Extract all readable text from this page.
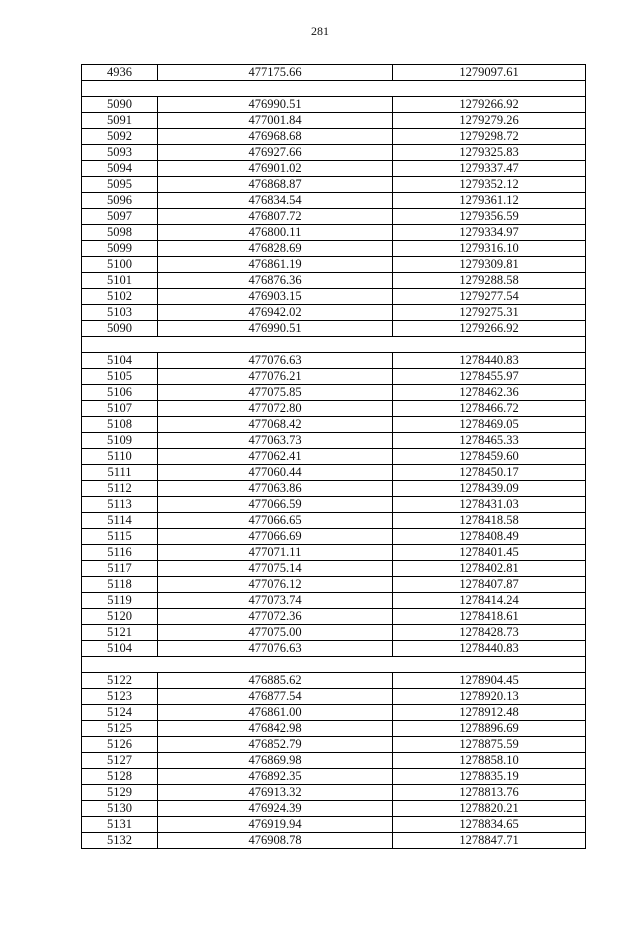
281
4936	477175.66	1279097.61

5090	476990.51	1279266.92
5091	477001.84	1279279.26
5092	476968.68	1279298.72
5093	476927.66	1279325.83
5094	476901.02	1279337.47
5095	476868.87	1279352.12
5096	476834.54	1279361.12
5097	476807.72	1279356.59
5098	476800.11	1279334.97
5099	476828.69	1279316.10
5100	476861.19	1279309.81
5101	476876.36	1279288.58
5102	476903.15	1279277.54
5103	476942.02	1279275.31
5090	476990.51	1279266.92

5104	477076.63	1278440.83
5105	477076.21	1278455.97
5106	477075.85	1278462.36
5107	477072.80	1278466.72
5108	477068.42	1278469.05
5109	477063.73	1278465.33
5110	477062.41	1278459.60
5111	477060.44	1278450.17
5112	477063.86	1278439.09
5113	477066.59	1278431.03
5114	477066.65	1278418.58
5115	477066.69	1278408.49
5116	477071.11	1278401.45
5117	477075.14	1278402.81
5118	477076.12	1278407.87
5119	477073.74	1278414.24
5120	477072.36	1278418.61
5121	477075.00	1278428.73
5104	477076.63	1278440.83

5122	476885.62	1278904.45
5123	476877.54	1278920.13
5124	476861.00	1278912.48
5125	476842.98	1278896.69
5126	476852.79	1278875.59
5127	476869.98	1278858.10
5128	476892.35	1278835.19
5129	476913.32	1278813.76
5130	476924.39	1278820.21
5131	476919.94	1278834.65
5132	476908.78	1278847.71
